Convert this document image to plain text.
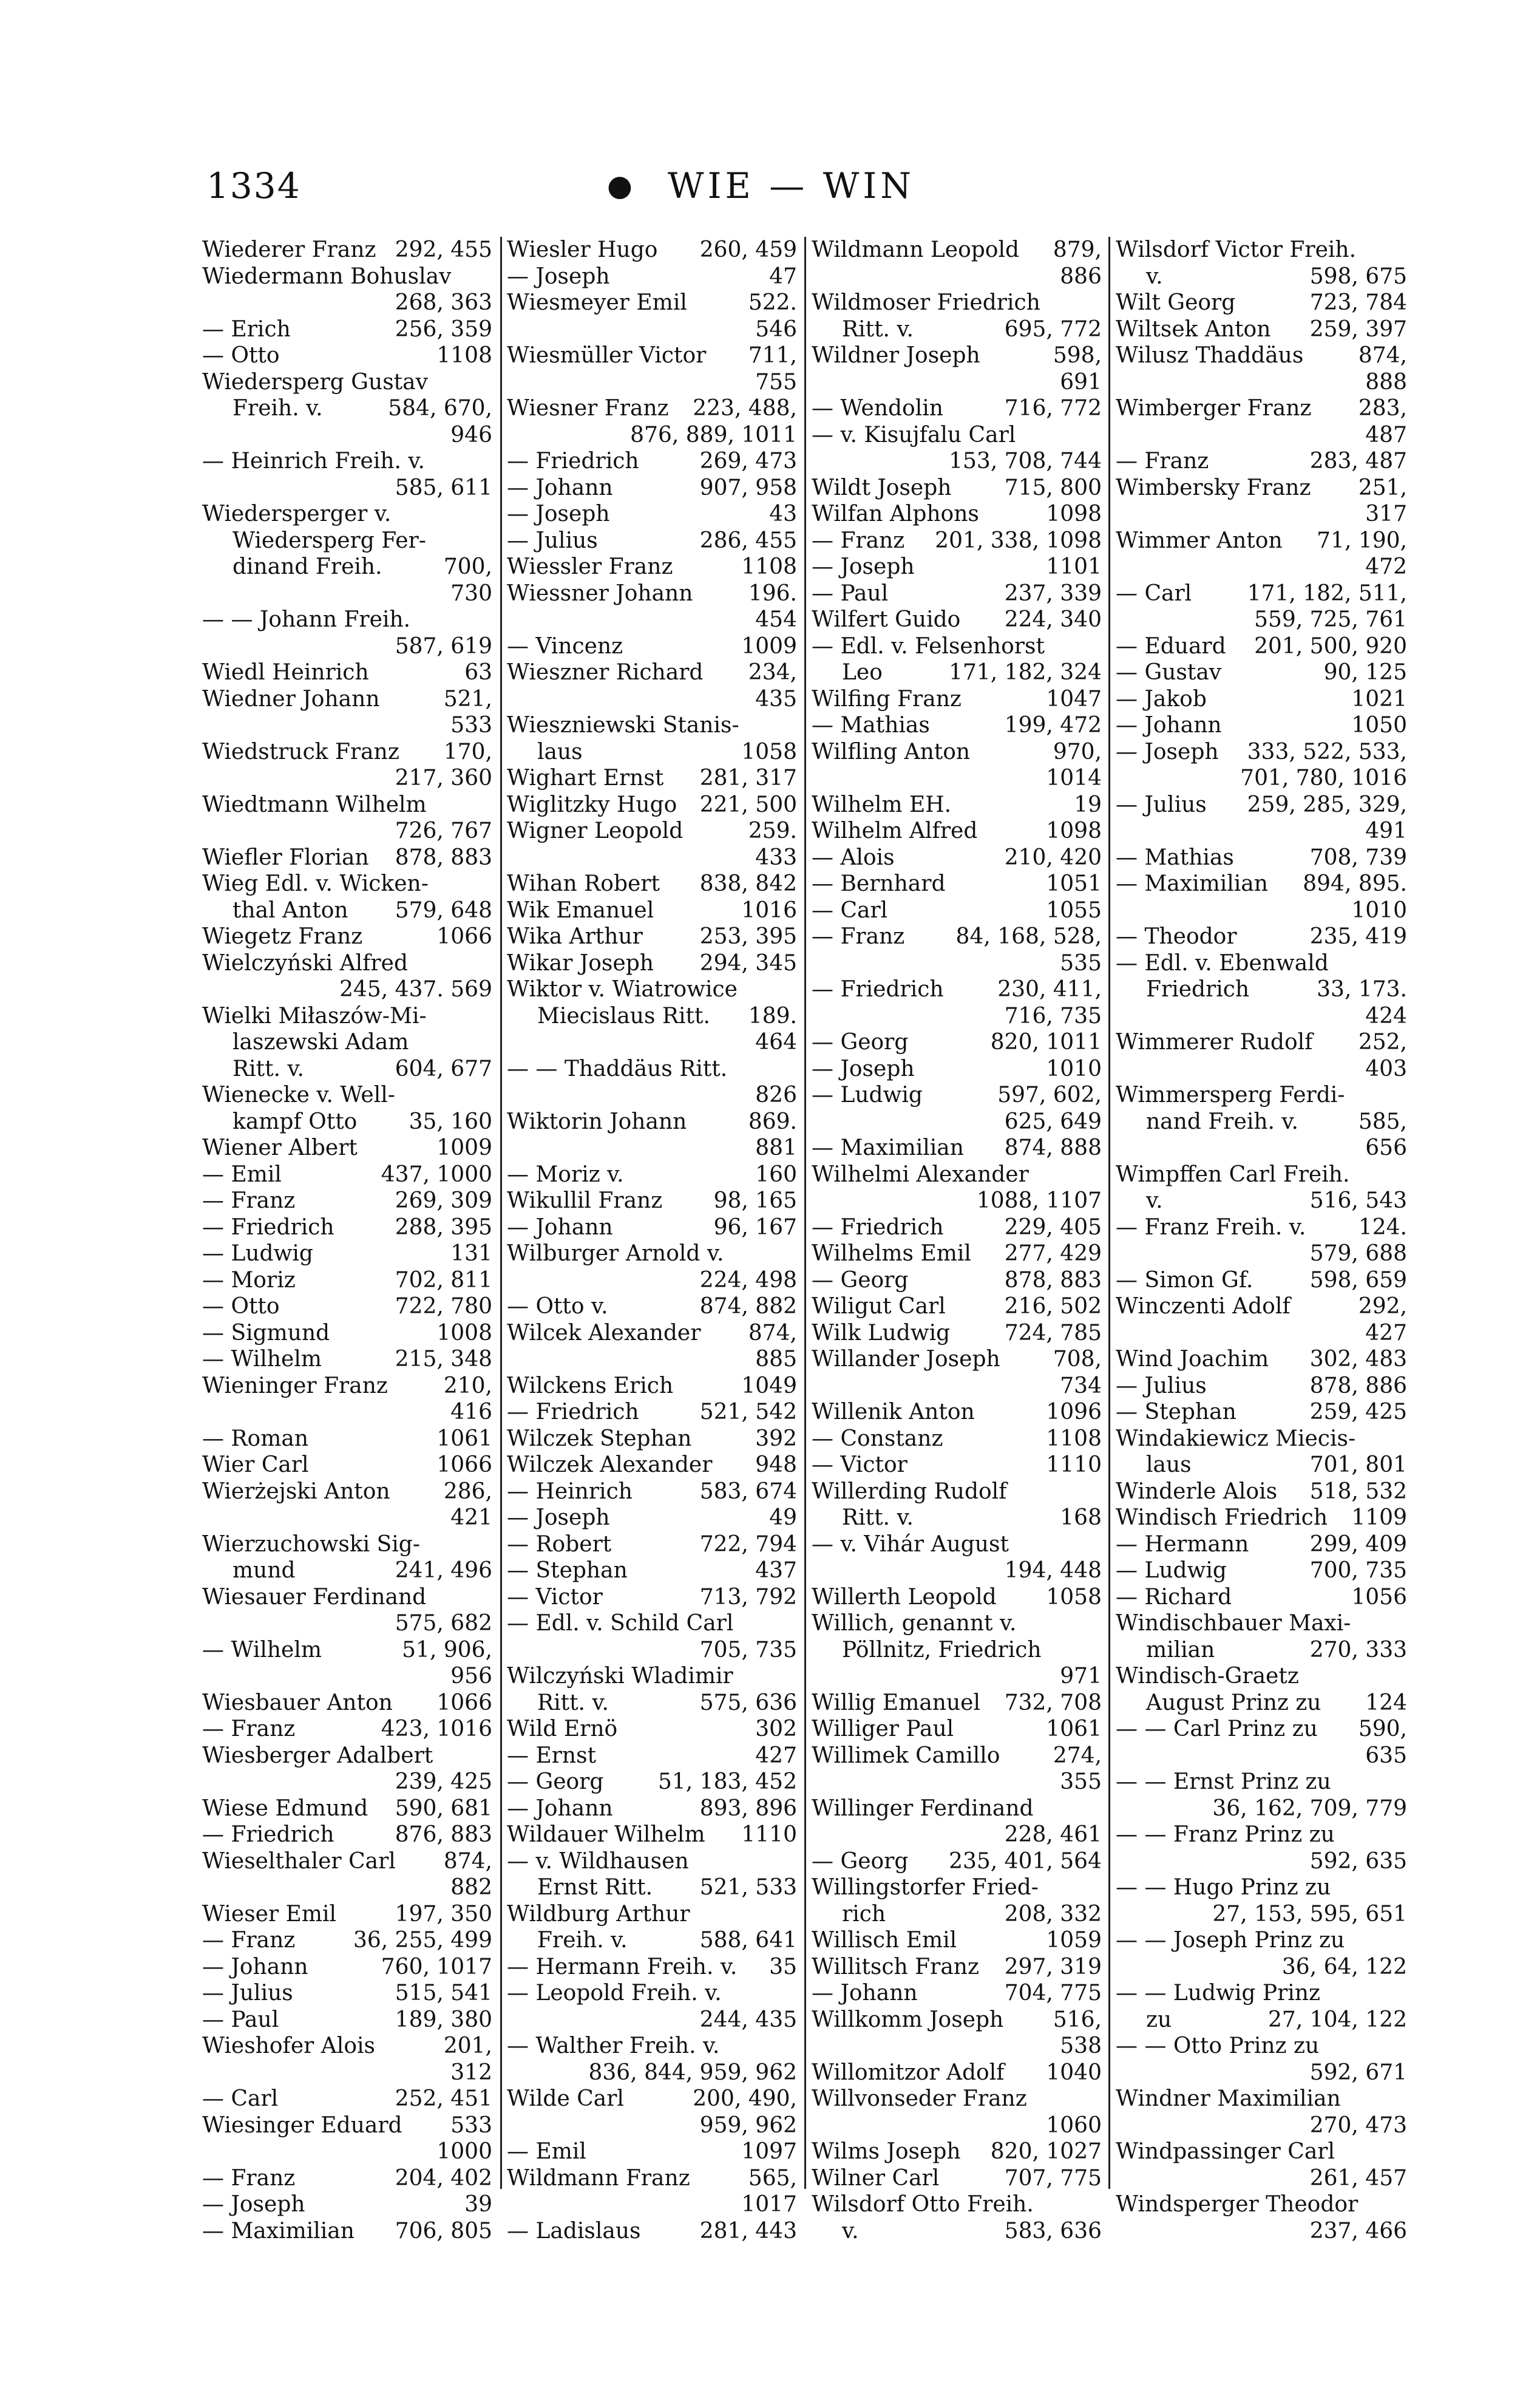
1334	● WIE — WIN
Wiederer Franz 292, 455
Wiedermann Bohuslav
268, 363
— Erich	256, 359
— Otto	1108
Wiedersperg Gustav
Freih. v.	584, 670,
946
— Heinrich Freih. v.
585, 611
Wiedersperger v.
Wiedersperg Fer-
dinand Freih.	700,
730
— — Johann Freih.
587, 619
Wiedl Heinrich	63
Wiedner Johann	521,
533
Wiedstruck Franz 170,
217, 360
Wiedtmann Wilhelm
726, 767
Wiefler Florian 878, 883
Wieg Edl. v. Wicken-
thal Anton 579, 648
Wiegetz Franz	1066
Wielczyński Alfred
245, 437. 569
Wielki Miłaszów-Mi-
laszewski Adam
Ritt. v.	604, 677
Wienecke v. Well-
kampf Otto 35, 160
Wiener Albert	1009
— Emil	437, 1000
— Franz	269, 309
— Friedrich	288, 395
— Ludwig	131
— Moriz	702, 811
— Otto	722, 780
— Sigmund	1008
— Wilhelm	215, 348
Wieninger Franz	210,
416
— Roman	1061
Wier Carl	1066
Wierżejski Anton 286,
421
Wierzuchowski Sig-
mund	241, 496
Wiesauer Ferdinand
575, 682
— Wilhelm	51, 906,
956
Wiesbauer Anton 1066
— Franz	423, 1016
Wiesberger Adalbert
239, 425
Wiese Edmund 590, 681
— Friedrich	876, 883
Wieselthaler Carl 874,
882
Wieser Emil	197, 350
— Franz	36, 255, 499
— Johann	760, 1017
— Julius	515, 541
— Paul	189, 380
Wieshofer Alois	201,
312
— Carl	252, 451
Wiesinger Eduard 533
1000
— Franz	204, 402
— Joseph	39
— Maximilian 706, 805
Wiesler Hugo 260, 459
— Joseph	47
Wiesmeyer Emil	522.
546
Wiesmüller Victor 711,
755
Wiesner Franz 223, 488,
876, 889, 1011
— Friedrich	269, 473
— Johann	907, 958
— Joseph	43
— Julius	286, 455
Wiessler Franz	1108
Wiessner Johann	196.
454
— Vincenz	1009
Wieszner Richard 234,
435
Wieszniewski Stanis-
laus	1058
Wighart Ernst 281, 317
Wiglitzky Hugo 221, 500
Wigner Leopold	259.
433
Wihan Robert 838, 842
Wik Emanuel	1016
Wika Arthur	253, 395
Wikar Joseph 294, 345
Wiktor v. Wiatrowice
Miecislaus Ritt. 189.
464
— — Thaddäus Ritt.
826
Wiktorin Johann	869.
881
— Moriz v.	160
Wikullil Franz 98, 165
— Johann	96, 167
Wilburger Arnold v.
224, 498
— Otto v.	874, 882
Wilcek Alexander 874,
885
Wilckens Erich	1049
— Friedrich	521, 542
Wilczek Stephan	392
Wilczek Alexander 948
— Heinrich	583, 674
— Joseph	49
— Robert	722, 794
— Stephan	437
— Victor	713, 792
— Edl. v. Schild Carl
705, 735
Wilczyński Wladimir
Ritt. v.	575, 636
Wild Ernö	302
— Ernst	427
— Georg 51, 183, 452
— Johann	893, 896
Wildauer Wilhelm 1110
— v. Wildhausen
Ernst Ritt. 521, 533
Wildburg Arthur
Freih. v.	588, 641
— Hermann Freih. v. 35
— Leopold Freih. v.
244, 435
— Walther Freih. v.
836, 844, 959, 962
Wilde Carl	200, 490,
959, 962
— Emil	1097
Wildmann Franz	565,
1017
— Ladislaus	281, 443
Wildmann Leopold 879,
886
Wildmoser Friedrich
Ritt. v.	695, 772
Wildner Joseph	598,
691
— Wendolin	716, 772
— v. Kisujfalu Carl
153, 708, 744
Wildt Joseph 715, 800
Wilfan Alphons	1098
— Franz 201, 338, 1098
— Joseph	1101
— Paul	237, 339
Wilfert Guido 224, 340
— Edl. v. Felsenhorst
Leo	171, 182, 324
Wilfing Franz	1047
— Mathias	199, 472
Wilfling Anton	970,
1014
Wilhelm EH.	19
Wilhelm Alfred	1098
— Alois	210, 420
— Bernhard	1051
— Carl	1055
— Franz 84, 168, 528,
535
— Friedrich 230, 411,
716, 735
— Georg	820, 1011
— Joseph	1010
— Ludwig	597, 602,
625, 649
— Maximilian 874, 888
Wilhelmi Alexander
1088, 1107
— Friedrich	229, 405
Wilhelms Emil 277, 429
— Georg	878, 883
Wiligut Carl	216, 502
Wilk Ludwig 724, 785
Willander Joseph 708,
734
Willenik Anton	1096
— Constanz	1108
— Victor	1110
Willerding Rudolf
Ritt. v.	168
— v. Vihár August
194, 448
Willerth Leopold 1058
Willich, genannt v.
Pöllnitz, Friedrich
971
Willig Emanuel 732, 708
Williger Paul	1061
Willimek Camillo 274,
355
Willinger Ferdinand
228, 461
— Georg 235, 401, 564
Willingstorfer Fried-
rich	208, 332
Willisch Emil	1059
Willitsch Franz 297, 319
— Johann	704, 775
Willkomm Joseph 516,
538
Willomitzor Adolf 1040
Willvonseder Franz
1060
Wilms Joseph 820, 1027
Wilner Carl	707, 775
Wilsdorf Otto Freih.
v.	583, 636
Wilsdorf Victor Freih.
v.	598, 675
Wilt Georg	723, 784
Wiltsek Anton 259, 397
Wilusz Thaddäus	874,
888
Wimberger Franz 283,
487
— Franz	283, 487
Wimbersky Franz 251,
317
Wimmer Anton 71, 190,
472
— Carl	171, 182, 511,
559, 725, 761
— Eduard 201, 500, 920
— Gustav	90, 125
— Jakob	1021
— Johann	1050
— Joseph 333, 522, 533,
701, 780, 1016
— Julius 259, 285, 329,
491
— Mathias	708, 739
— Maximilian 894, 895.
1010
— Theodor	235, 419
— Edl. v. Ebenwald
Friedrich	33, 173.
424
Wimmerer Rudolf 252,
403
Wimmersperg Ferdi-
nand Freih. v.	585,
656
Wimpffen Carl Freih.
v.	516, 543
— Franz Freih. v. 124.
579, 688
— Simon Gf.	598, 659
Winczenti Adolf	292,
427
Wind Joachim 302, 483
— Julius	878, 886
— Stephan	259, 425
Windakiewicz Miecis-
laus	701, 801
Winderle Alois 518, 532
Windisch Friedrich 1109
— Hermann	299, 409
— Ludwig	700, 735
— Richard	1056
Windischbauer Maxi-
milian	270, 333
Windisch-Graetz
August Prinz zu 124
— — Carl Prinz zu 590,
635
— — Ernst Prinz zu
36, 162, 709, 779
— — Franz Prinz zu
592, 635
— — Hugo Prinz zu
27, 153, 595, 651
— — Joseph Prinz zu
36, 64, 122
— — Ludwig Prinz
zu	27, 104, 122
— — Otto Prinz zu
592, 671
Windner Maximilian
270, 473
Windpassinger Carl
261, 457
Windsperger Theodor
237, 466
